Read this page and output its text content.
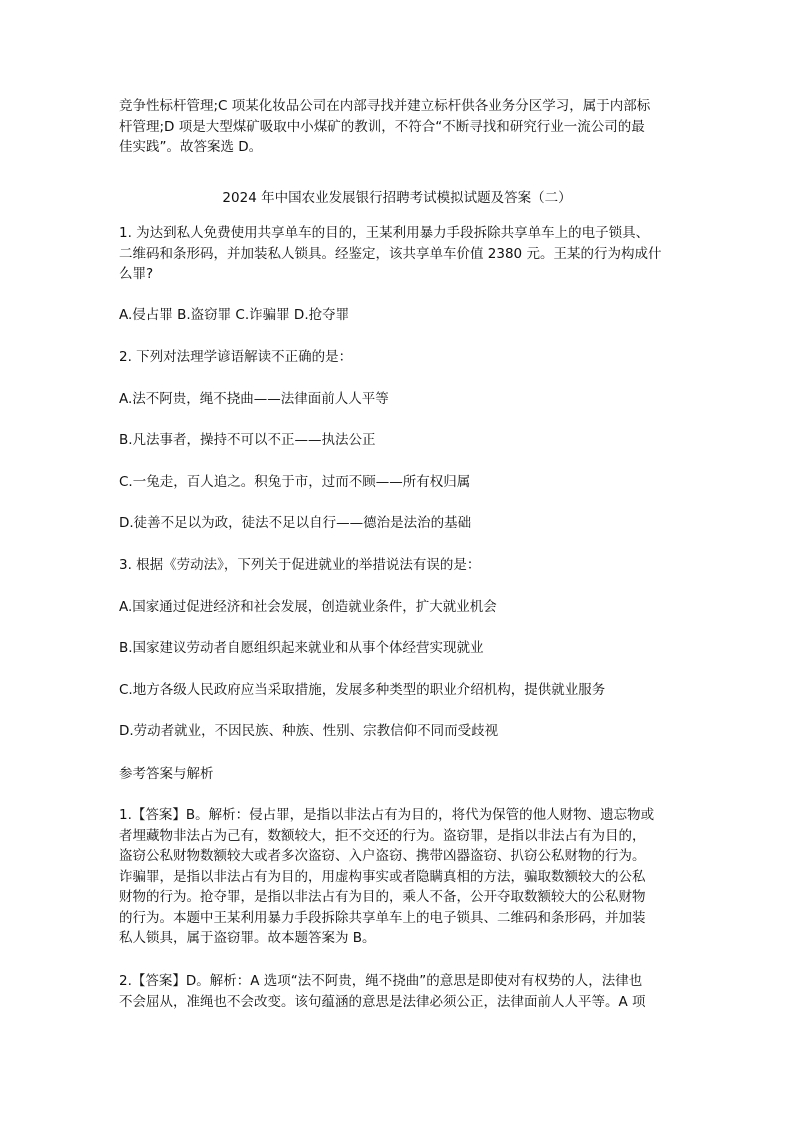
竞争性标杆管理;C 项某化妆品公司在内部寻找并建立标杆供各业务分区学习，属于内部标
杆管理;D 项是大型煤矿吸取中小煤矿的教训，不符合“不断寻找和研究行业一流公司的最
佳实践”。故答案选 D。
2024 年中国农业发展银行招聘考试模拟试题及答案（二）
1. 为达到私人免费使用共享单车的目的，王某利用暴力手段拆除共享单车上的电子锁具、
二维码和条形码，并加装私人锁具。经鉴定，该共享单车价值 2380 元。王某的行为构成什
么罪?
A.侵占罪 B.盗窃罪 C.诈骗罪 D.抢夺罪
2. 下列对法理学谚语解读不正确的是：
A.法不阿贵，绳不挠曲——法律面前人人平等
B.凡法事者，操持不可以不正——执法公正
C.一兔走，百人追之。积兔于市，过而不顾——所有权归属
D.徒善不足以为政，徒法不足以自行——德治是法治的基础
3. 根据《劳动法》，下列关于促进就业的举措说法有误的是：
A.国家通过促进经济和社会发展，创造就业条件，扩大就业机会
B.国家建议劳动者自愿组织起来就业和从事个体经营实现就业
C.地方各级人民政府应当采取措施，发展多种类型的职业介绍机构，提供就业服务
D.劳动者就业，不因民族、种族、性别、宗教信仰不同而受歧视
参考答案与解析
1.【答案】B。解析：侵占罪，是指以非法占有为目的，将代为保管的他人财物、遗忘物或
者埋藏物非法占为己有，数额较大，拒不交还的行为。盗窃罪，是指以非法占有为目的，
盗窃公私财物数额较大或者多次盗窃、入户盗窃、携带凶器盗窃、扒窃公私财物的行为。
诈骗罪，是指以非法占有为目的，用虚构事实或者隐瞒真相的方法，骗取数额较大的公私
财物的行为。抢夺罪，是指以非法占有为目的，乘人不备，公开夺取数额较大的公私财物
的行为。本题中王某利用暴力手段拆除共享单车上的电子锁具、二维码和条形码，并加装
私人锁具，属于盗窃罪。故本题答案为 B。
2.【答案】D。解析：A 选项“法不阿贵，绳不挠曲”的意思是即使对有权势的人，法律也
不会屈从，准绳也不会改变。该句蕴涵的意思是法律必须公正，法律面前人人平等。A 项
